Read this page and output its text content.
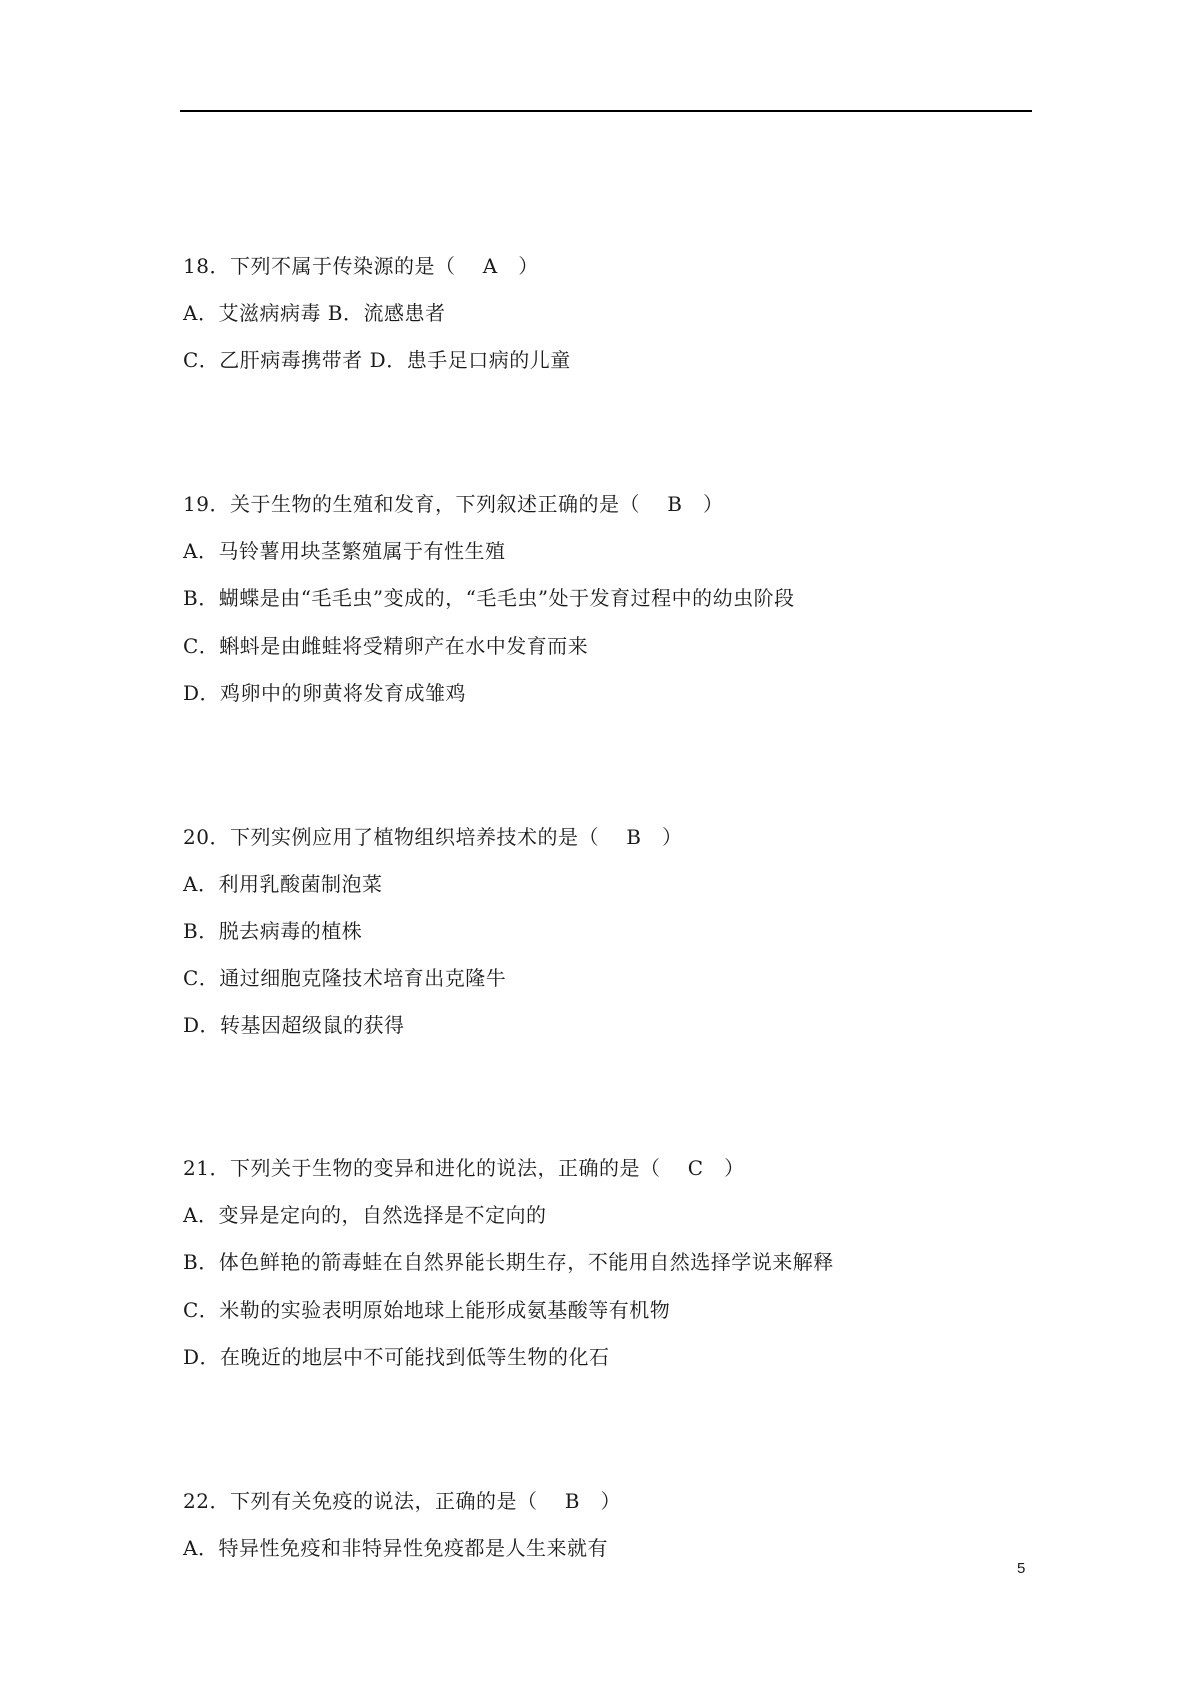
18．下列不属于传染源的是（　 A　）
A．艾滋病病毒 B．流感患者
C．乙肝病毒携带者 D．患手足口病的儿童
19．关于生物的生殖和发育，下列叙述正确的是（　 B　）
A．马铃薯用块茎繁殖属于有性生殖
B．蝴蝶是由“毛毛虫”变成的，“毛毛虫”处于发育过程中的幼虫阶段
C．蝌蚪是由雌蛙将受精卵产在水中发育而来
D．鸡卵中的卵黄将发育成雏鸡
20．下列实例应用了植物组织培养技术的是（　 B　）
A．利用乳酸菌制泡菜
B．脱去病毒的植株
C．通过细胞克隆技术培育出克隆牛
D．转基因超级鼠的获得
21．下列关于生物的变异和进化的说法，正确的是（　 C　）
A．变异是定向的，自然选择是不定向的
B．体色鲜艳的箭毒蛙在自然界能长期生存，不能用自然选择学说来解释
C．米勒的实验表明原始地球上能形成氨基酸等有机物
D．在晚近的地层中不可能找到低等生物的化石
22．下列有关免疫的说法，正确的是（　 B　）
A．特异性免疫和非特异性免疫都是人生来就有
5
